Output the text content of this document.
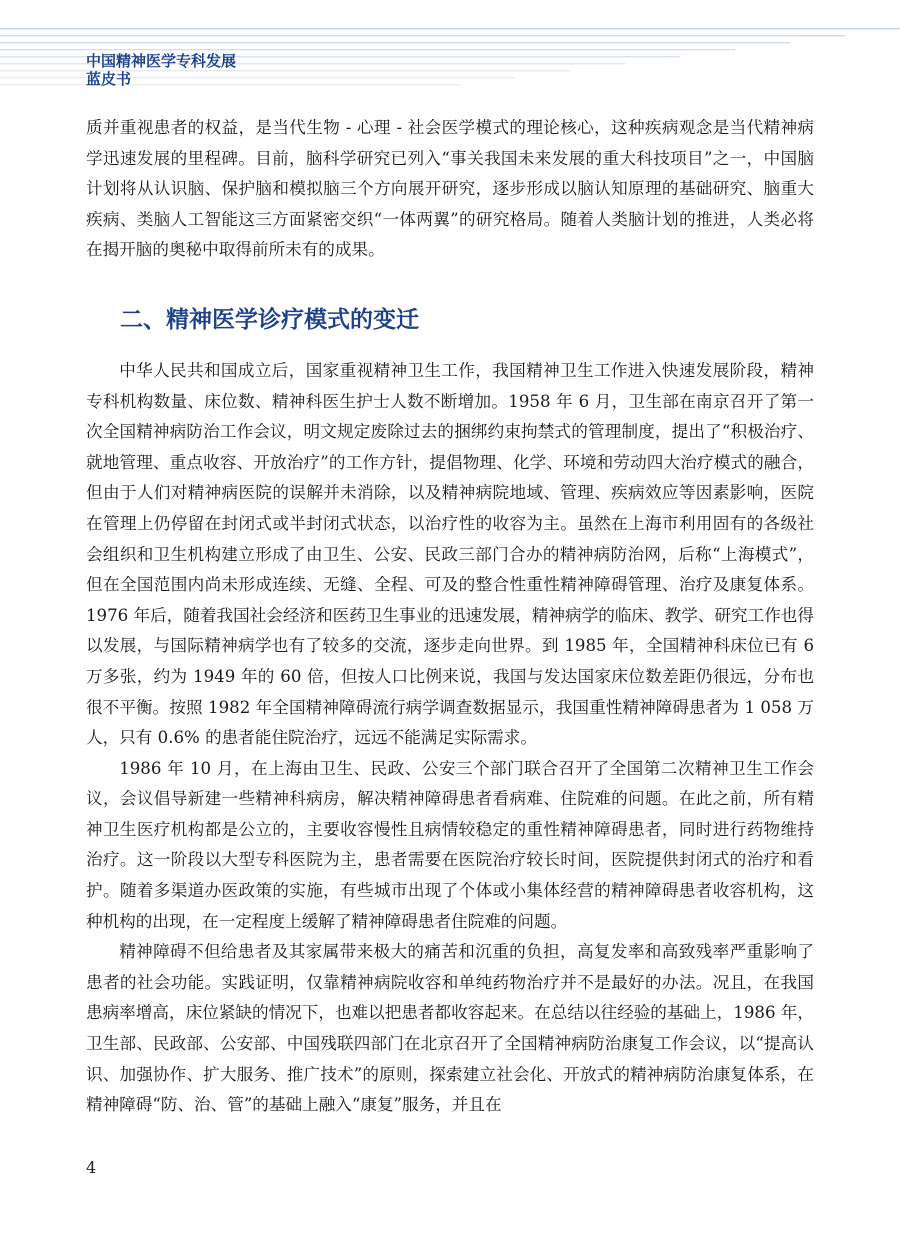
中国精神医学专科发展
蓝皮书

质并重视患者的权益，是当代生物 - 心理 - 社会医学模式的理论核心，这种疾病观念是当代精神病学迅速发展的里程碑。目前，脑科学研究已列入“事关我国未来发展的重大科技项目”之一，中国脑计划将从认识脑、保护脑和模拟脑三个方向展开研究，逐步形成以脑认知原理的基础研究、脑重大疾病、类脑人工智能这三方面紧密交织“一体两翼”的研究格局。随着人类脑计划的推进，人类必将在揭开脑的奥秘中取得前所未有的成果。

二、精神医学诊疗模式的变迁

中华人民共和国成立后，国家重视精神卫生工作，我国精神卫生工作进入快速发展阶段，精神专科机构数量、床位数、精神科医生护士人数不断增加。1958 年 6 月，卫生部在南京召开了第一次全国精神病防治工作会议，明文规定废除过去的捆绑约束拘禁式的管理制度，提出了“积极治疗、就地管理、重点收容、开放治疗”的工作方针，提倡物理、化学、环境和劳动四大治疗模式的融合，但由于人们对精神病医院的误解并未消除，以及精神病院地域、管理、疾病效应等因素影响，医院在管理上仍停留在封闭式或半封闭式状态，以治疗性的收容为主。虽然在上海市利用固有的各级社会组织和卫生机构建立形成了由卫生、公安、民政三部门合办的精神病防治网，后称“上海模式”，但在全国范围内尚未形成连续、无缝、全程、可及的整合性重性精神障碍管理、治疗及康复体系。1976 年后，随着我国社会经济和医药卫生事业的迅速发展，精神病学的临床、教学、研究工作也得以发展，与国际精神病学也有了较多的交流，逐步走向世界。到 1985 年，全国精神科床位已有 6 万多张，约为 1949 年的 60 倍，但按人口比例来说，我国与发达国家床位数差距仍很远，分布也很不平衡。按照 1982 年全国精神障碍流行病学调查数据显示，我国重性精神障碍患者为 1 058 万人，只有 0.6% 的患者能住院治疗，远远不能满足实际需求。

1986 年 10 月，在上海由卫生、民政、公安三个部门联合召开了全国第二次精神卫生工作会议，会议倡导新建一些精神科病房，解决精神障碍患者看病难、住院难的问题。在此之前，所有精神卫生医疗机构都是公立的，主要收容慢性且病情较稳定的重性精神障碍患者，同时进行药物维持治疗。这一阶段以大型专科医院为主，患者需要在医院治疗较长时间，医院提供封闭式的治疗和看护。随着多渠道办医政策的实施，有些城市出现了个体或小集体经营的精神障碍患者收容机构，这种机构的出现，在一定程度上缓解了精神障碍患者住院难的问题。

精神障碍不但给患者及其家属带来极大的痛苦和沉重的负担，高复发率和高致残率严重影响了患者的社会功能。实践证明，仅靠精神病院收容和单纯药物治疗并不是最好的办法。况且，在我国患病率增高，床位紧缺的情况下，也难以把患者都收容起来。在总结以往经验的基础上，1986 年，卫生部、民政部、公安部、中国残联四部门在北京召开了全国精神病防治康复工作会议，以“提高认识、加强协作、扩大服务、推广技术”的原则，探索建立社会化、开放式的精神病防治康复体系，在精神障碍“防、治、管”的基础上融入“康复”服务，并且在

4
